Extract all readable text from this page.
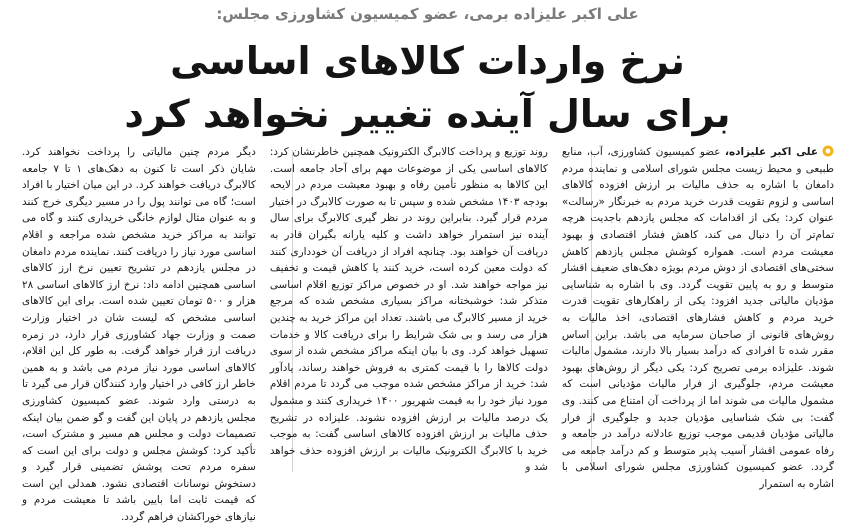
علی اکبر علیزاده برمی، عضو کمیسیون کشاورزی مجلس:
نرخ واردات کالاهای اساسی
برای سال آینده تغییر نخواهد کرد

علی اکبر علیزاده، عضو کمیسیون کشاورزی، آب، منابع طبیعی و محیط زیست مجلس شورای اسلامی و نماینده مردم دامغان با اشاره به حذف مالیات بر ارزش افزوده کالاهای اساسی و لزوم تقویت قدرت خرید مردم به خبرنگار «رسالت» عنوان کرد: یکی از اقدامات که مجلس یازدهم باجدیت هرچه تمام‌تر آن را دنبال می کند، کاهش فشار اقتصادی و بهبود معیشت مردم است. همواره کوشش مجلس یازدهم کاهش سختی‌های اقتصادی از دوش مردم بویژه دهک‌های ضعیف اقشار متوسط و رو به پایین تقویت گردد. وی با اشاره به شناسایی مؤدیان مالیاتی جدید افزود: یکی از راهکارهای تقویت قدرت خرید مردم و کاهش فشارهای اقتصادی، اخذ مالیات به روش‌های قانونی از صاحبان سرمایه می باشد. براین اساس مقرر شده تا افرادی که درآمد بسیار بالا دارند، مشمول مالیات شوند. علیزاده برمی تصریح کرد: یکی دیگر از روش‌های بهبود معیشت مردم، جلوگیری از فرار مالیات مؤدیانی است که مشمول مالیات می شوند اما از پرداخت آن امتناع می کنند. وی گفت: بی شک شناسایی مؤدیان جدید و جلوگیری از فرار مالیاتی مؤدیان قدیمی موجب توزیع عادلانه درآمد در جامعه و رفاه عمومی اقشار آسیب پذیر متوسط و کم درآمد جامعه می گردد. عضو کمیسیون کشاورزی مجلس شورای اسلامی با اشاره به استمرار

روند توزیع و پرداخت کالابرگ الکترونیک همچنین خاطرنشان کرد: کالاهای اساسی یکی از موضوعات مهم برای آحاد جامعه است. این کالاها به منظور تأمین رفاه و بهبود معیشت مردم در لایحه بودجه ۱۴۰۳ مشخص شده و سپس تا به صورت کالابرگ در اختیار مردم قرار گیرد. بنابراین روند در نظر گیری کالابرگ برای سال آینده نیز استمرار خواهد داشت و کلیه یارانه بگیران قادر به دریافت آن خواهند بود. چنانچه افراد از دریافت آن خودداری کنند که دولت معین کرده است، خرید کنند یا کاهش قیمت و تخفیف نیز مواجه خواهند شد. او در خصوص مراکز توزیع اقلام اساسی متذکر شد: خوشبختانه مراکز بسیاری مشخص شده که مرجع خرید از مسیر کالابرگ می باشند. تعداد این مراکز خرید به چندین هزار می رسد و بی شک شرایط را برای دریافت کالا و خدمات تسهیل خواهد کرد. وی با بیان اینکه مراکز مشخص شده از سوی دولت کالاها را با قیمت کمتری به فروش خواهند رساند، یادآور شد: خرید از مراکز مشخص شده موجب می گردد تا مردم اقلام مورد نیاز خود را به قیمت شهریور ۱۴۰۰ خریداری کنند و مشمول یک درصد مالیات بر ارزش افزوده نشوند. علیزاده در تشریح حذف مالیات بر ارزش افزوده کالاهای اساسی گفت: به موجب خرید با کالابرگ الکترونیک مالیات بر ارزش افزوده حذف خواهد شد و

دیگر مردم چنین مالیاتی را پرداخت نخواهند کرد. شایان ذکر است تا کنون به دهک‌های ۱ تا ۷ جامعه کالابرگ دریافت خواهند کرد. در این میان اختیار با افراد است؛ گاه می توانند پول را در مسیر دیگری خرج کنند و به عنوان مثال لوازم خانگی خریداری کنند و گاه می توانند به مراکز خرید مشخص شده مراجعه و اقلام اساسی مورد نیاز را دریافت کنند. نماینده مردم دامغان در مجلس یازدهم در تشریح تعیین نرخ ارز کالاهای اساسی همچنین ادامه داد: نرخ ارز کالاهای اساسی ۲۸ هزار و ۵۰۰ تومان تعیین شده است. برای این کالاهای اساسی مشخص که لیست شان در اختیار وزارت صمت و وزارت جهاد کشاورزی قرار دارد، در زمره دریافت ارز قرار خواهد گرفت. به طور کل این اقلام، کالاهای اساسی مورد نیاز مردم می باشد و به همین خاطر ارز کافی در اختیار وارد کنندگان قرار می گیرد تا به درستی وارد شوند. عضو کمیسیون کشاورزی مجلس یازدهم در پایان این گفت و گو ضمن بیان اینکه تصمیمات دولت و مجلس هم مسیر و مشترک است، تأکید کرد: کوشش مجلس و دولت برای این است که سفره مردم تحت پوشش تضمینی قرار گیرد و دستخوش نوسانات اقتصادی نشود. همدلی این است که قیمت ثابت اما بایین باشد تا معیشت مردم و نیازهای خوراکشان فراهم گردد.
